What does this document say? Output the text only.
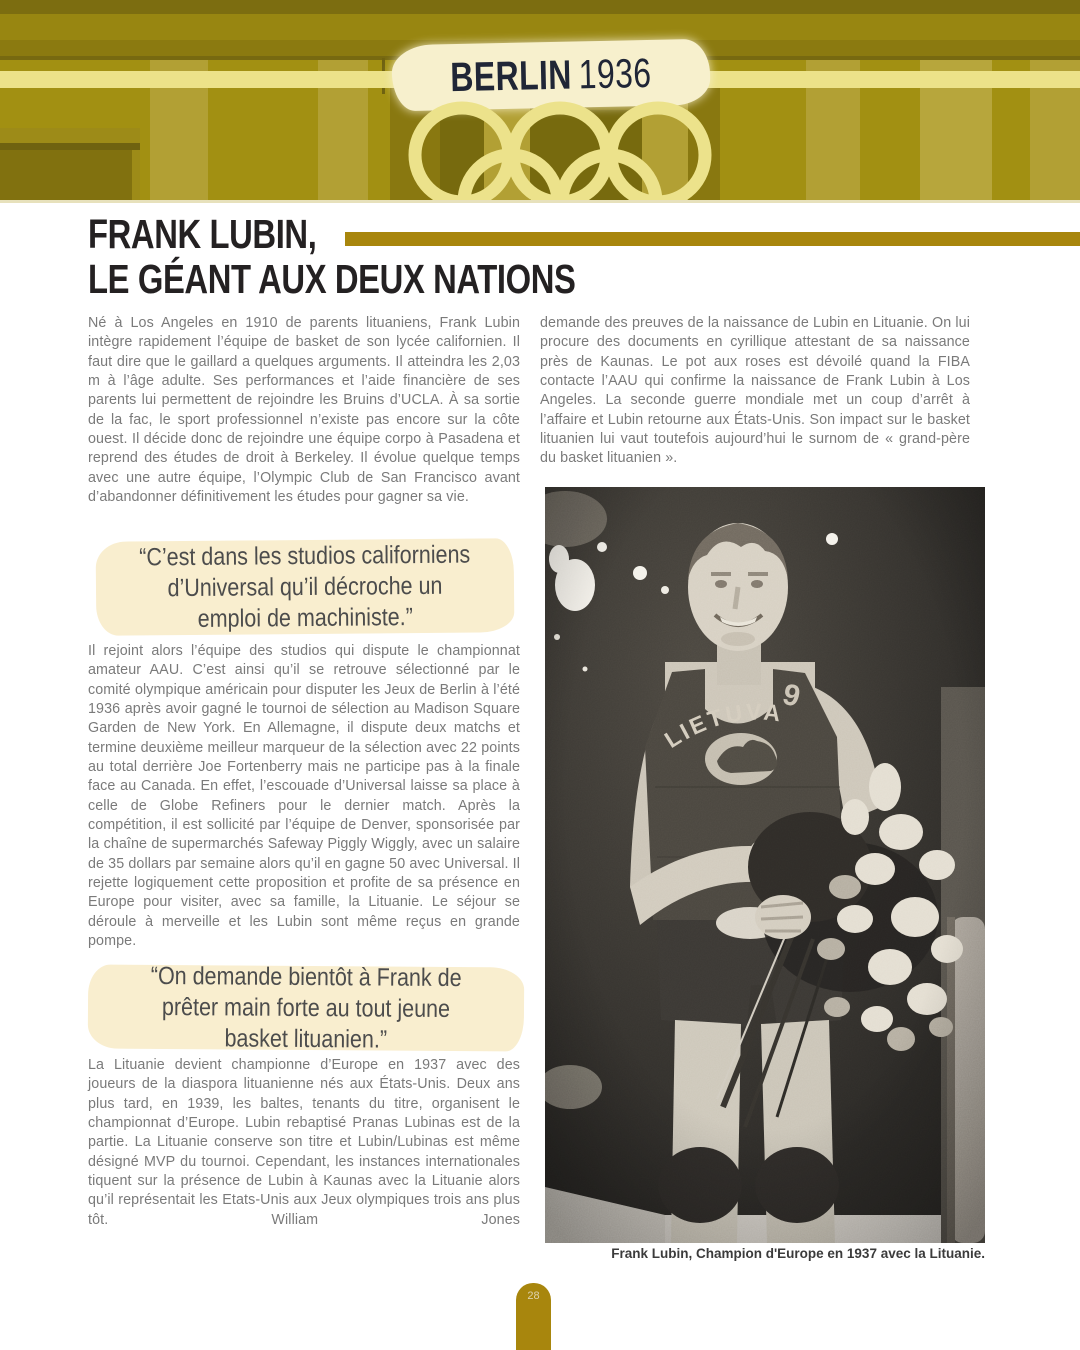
BERLIN 1936
FRANK LUBIN,
LE GÉANT AUX DEUX NATIONS

Né à Los Angeles en 1910 de parents lituaniens, Frank Lubin intègre rapidement l’équipe de basket de son lycée californien. Il faut dire que le gaillard a quelques arguments. Il atteindra les 2,03 m à l’âge adulte. Ses performances et l’aide financière de ses parents lui permettent de rejoindre les Bruins d’UCLA. À sa sortie de la fac, le sport professionnel n’existe pas encore sur la côte ouest. Il décide donc de rejoindre une équipe corpo à Pasadena et reprend des études de droit à Berkeley. Il évolue quelque temps avec une autre équipe, l’Olympic Club de San Francisco avant d’abandonner définitivement les études pour gagner sa vie.

“C’est dans les studios californiens d’Universal qu’il décroche un emploi de machiniste.”

Il rejoint alors l’équipe des studios qui dispute le championnat amateur AAU. C’est ainsi qu’il se retrouve sélectionné par le comité olympique américain pour disputer les Jeux de Berlin à l’été 1936 après avoir gagné le tournoi de sélection au Madison Square Garden de New York. En Allemagne, il dispute deux matchs et termine deuxième meilleur marqueur de la sélection avec 22 points au total derrière Joe Fortenberry mais ne participe pas à la finale face au Canada. En effet, l’escouade d’Universal laisse sa place à celle de Globe Refiners pour le dernier match. Après la compétition, il est sollicité par l’équipe de Denver, sponsorisée par la chaîne de supermarchés Safeway Piggly Wiggly, avec un salaire de 35 dollars par semaine alors qu’il en gagne 50 avec Universal. Il rejette logiquement cette proposition et profite de sa présence en Europe pour visiter, avec sa famille, la Lituanie. Le séjour se déroule à merveille et les Lubin sont même reçus en grande pompe.

“On demande bientôt à Frank de prêter main forte au tout jeune basket lituanien.”

La Lituanie devient championne d’Europe en 1937 avec des joueurs de la diaspora lituanienne nés aux États-Unis. Deux ans plus tard, en 1939, les baltes, tenants du titre, organisent le championnat d’Europe. Lubin rebaptisé Pranas Lubinas est de la partie. La Lituanie conserve son titre et Lubin/Lubinas est même désigné MVP du tournoi. Cependant, les instances internationales tiquent sur la présence de Lubin à Kaunas avec la Lituanie alors qu’il représentait les Etats-Unis aux Jeux olympiques trois ans plus tôt. William Jones

demande des preuves de la naissance de Lubin en Lituanie. On lui procure des documents en cyrillique attestant de sa naissance près de Kaunas. Le pot aux roses est dévoilé quand la FIBA contacte l’AAU qui confirme la naissance de Frank Lubin à Los Angeles. La seconde guerre mondiale met un coup d’arrêt à l’affaire et Lubin retourne aux États-Unis. Son impact sur le basket lituanien lui vaut toutefois aujourd’hui le surnom de « grand-père du basket lituanien ».

Frank Lubin, Champion d'Europe en 1937 avec la Lituanie.

28
